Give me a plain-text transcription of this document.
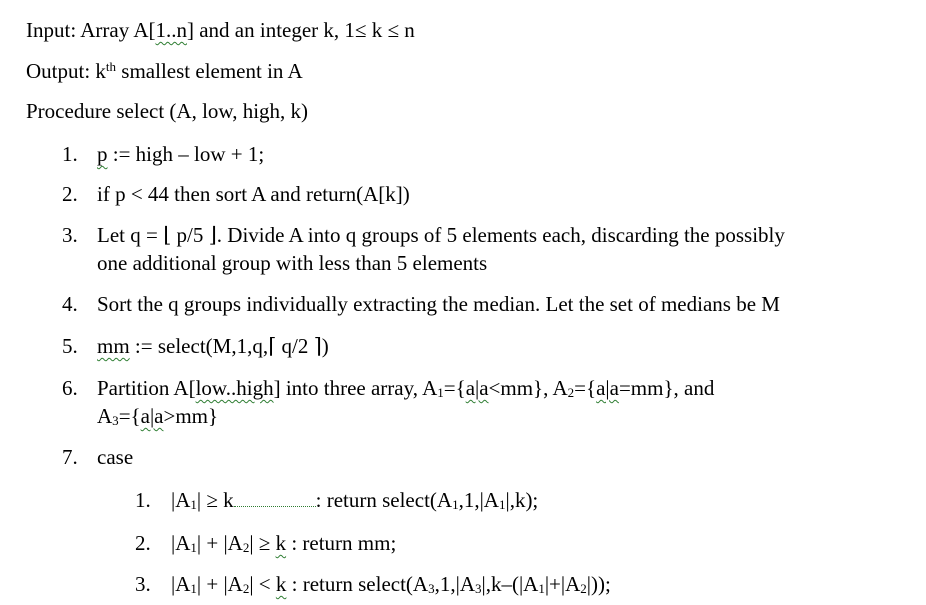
Input: Array A[1..n] and an integer k, 1≤ k ≤ n
Output: $k^{th}$ smallest element in A
Procedure select (A, low, high, k)
1. p := high – low + 1;
2. if p < 44 then sort A and return(A[k])
3. Let q = ⌊ p/5 ⌋. Divide A into q groups of 5 elements each, discarding the possibly
one additional group with less than 5 elements
4. Sort the q groups individually extracting the median. Let the set of medians be M
5. mm := select(M,1,q,⌈ q/2 ⌉)
6. Partition A[low..high] into three array, $A_1=\{a|a<mm\}$, $A_2=\{a|a=mm\}$, and
$A_3=\{a|a>mm\}$
7. case
1. $|A_1| \ge k$	: return $select(A_1,1,|A_1|,k)$;
2. $|A_1| + |A_2| \ge k$ : return mm;
3. $|A_1| + |A_2| < k$ : return $select(A_3,1,|A_3|,k-(|A_1|+|A_2|))$;
